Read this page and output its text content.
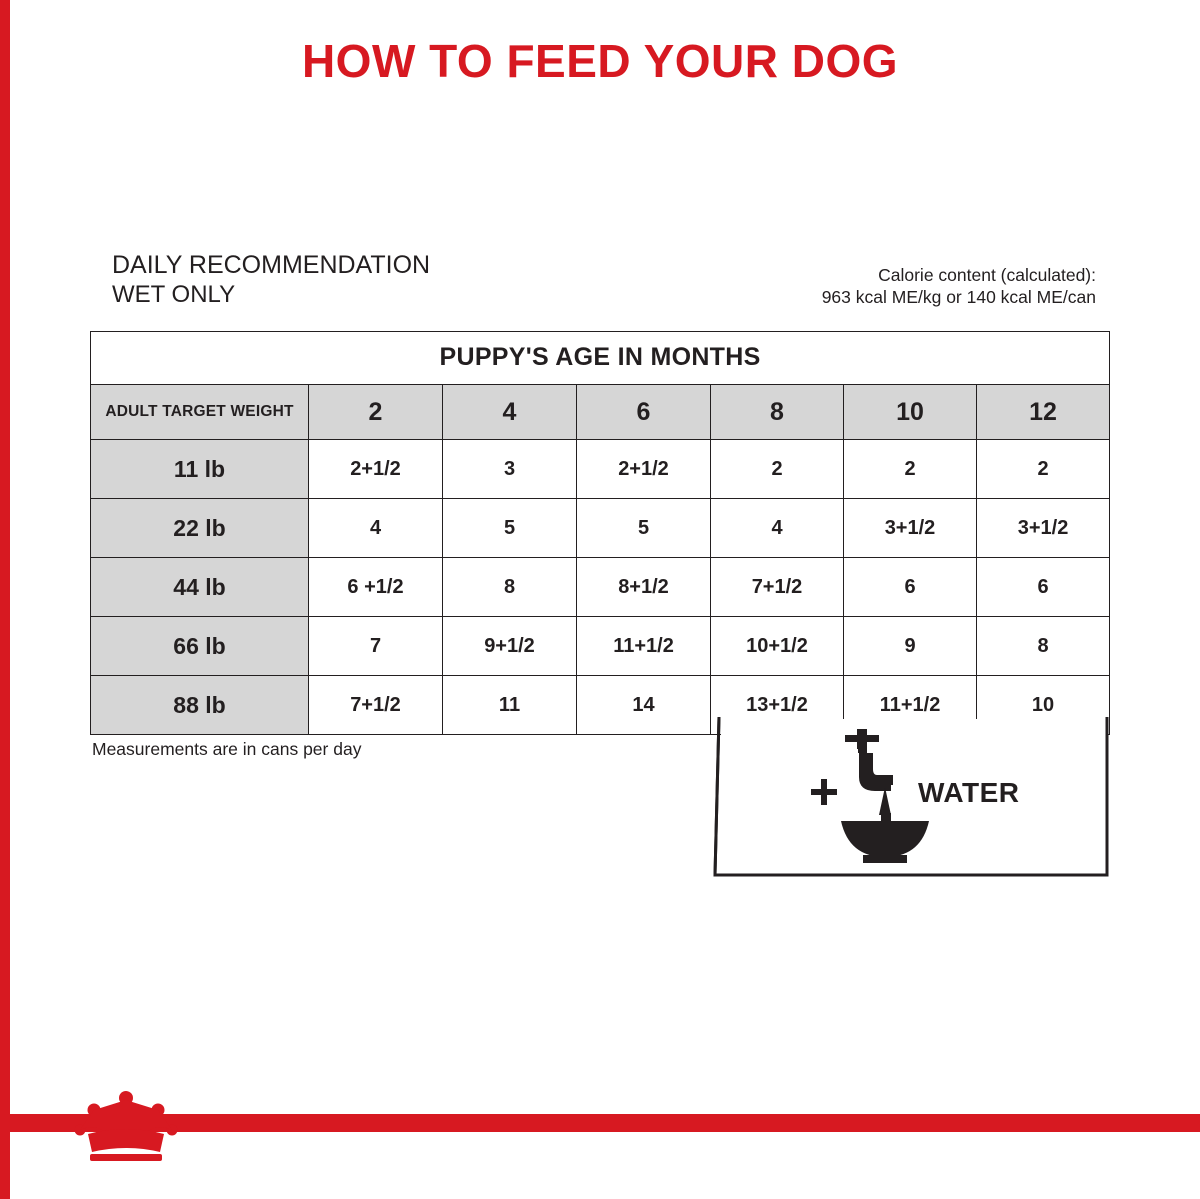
HOW TO FEED YOUR DOG
DAILY RECOMMENDATION
WET ONLY
Calorie content (calculated):
963 kcal ME/kg or 140 kcal ME/can
PUPPY'S AGE IN MONTHS						
ADULT TARGET WEIGHT	2	4	6	8	10	12
11 lb	2+1/2	3	2+1/2	2	2	2
22 lb	4	5	5	4	3+1/2	3+1/2
44 lb	6 +1/2	8	8+1/2	7+1/2	6	6
66 lb	7	9+1/2	11+1/2	10+1/2	9	8
88 lb	7+1/2	11	14	13+1/2	11+1/2	10
Measurements are in cans per day
WATER
